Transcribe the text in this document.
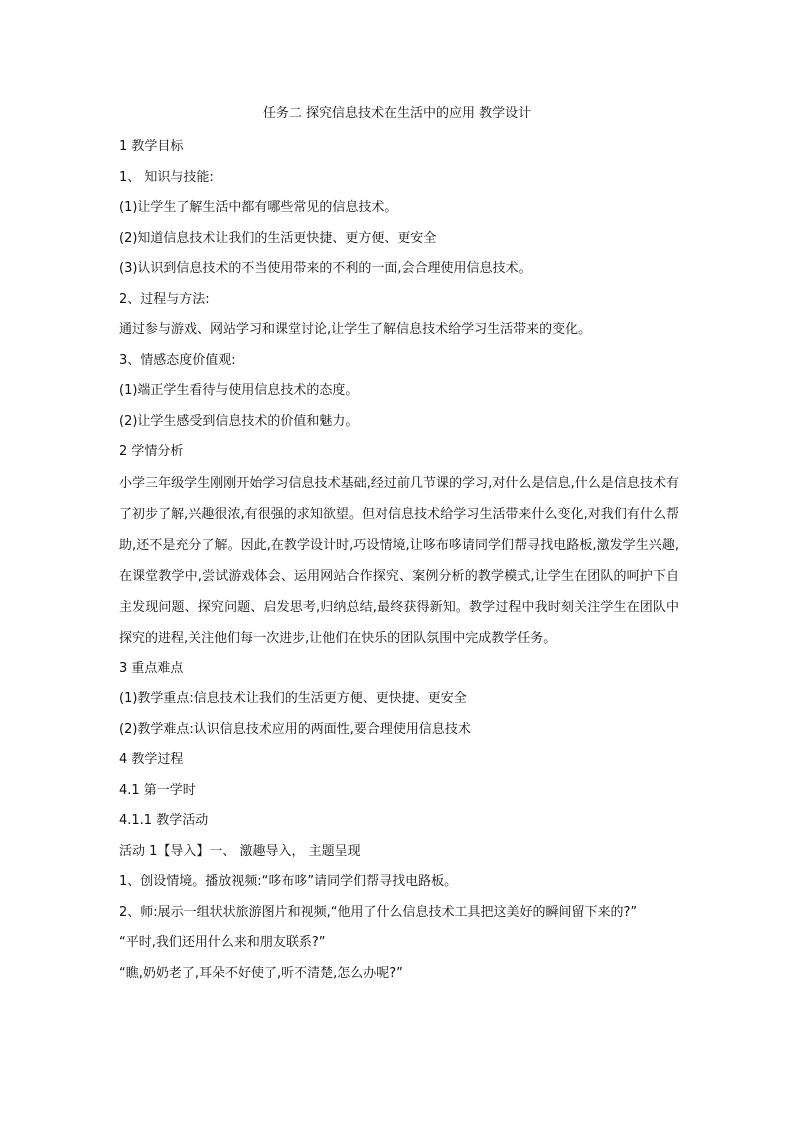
任务二 探究信息技术在生活中的应用 教学设计

1 教学目标

1、 知识与技能:

(1)让学生了解生活中都有哪些常见的信息技术。

(2)知道信息技术让我们的生活更快捷、更方便、更安全

(3)认识到信息技术的不当使用带来的不利的一面,会合理使用信息技术。

2、过程与方法:

通过参与游戏、网站学习和课堂讨论,让学生了解信息技术给学习生活带来的变化。

3、情感态度价值观:

(1)端正学生看待与使用信息技术的态度。

(2)让学生感受到信息技术的价值和魅力。

2 学情分析

小学三年级学生刚刚开始学习信息技术基础,经过前几节课的学习,对什么是信息,什么是信息技术有了初步了解,兴趣很浓,有很强的求知欲望。但对信息技术给学习生活带来什么变化,对我们有什么帮助,还不是充分了解。因此,在教学设计时,巧设情境,让哆布哆请同学们帮寻找电路板,激发学生兴趣,在课堂教学中,尝试游戏体会、运用网站合作探究、案例分析的教学模式,让学生在团队的呵护下自主发现问题、探究问题、启发思考,归纳总结,最终获得新知。教学过程中我时刻关注学生在团队中探究的进程,关注他们每一次进步,让他们在快乐的团队氛围中完成教学任务。

3 重点难点

(1)教学重点:信息技术让我们的生活更方便、更快捷、更安全

(2)教学难点:认识信息技术应用的两面性,要合理使用信息技术

4 教学过程

4.1 第一学时

4.1.1 教学活动

活动 1【导入】一、 激趣导入， 主题呈现

1、创设情境。播放视频:“哆布哆”请同学们帮寻找电路板。

2、师:展示一组状状旅游图片和视频,“他用了什么信息技术工具把这美好的瞬间留下来的?”

“平时,我们还用什么来和朋友联系?”

“瞧,奶奶老了,耳朵不好使了,听不清楚,怎么办呢?”
